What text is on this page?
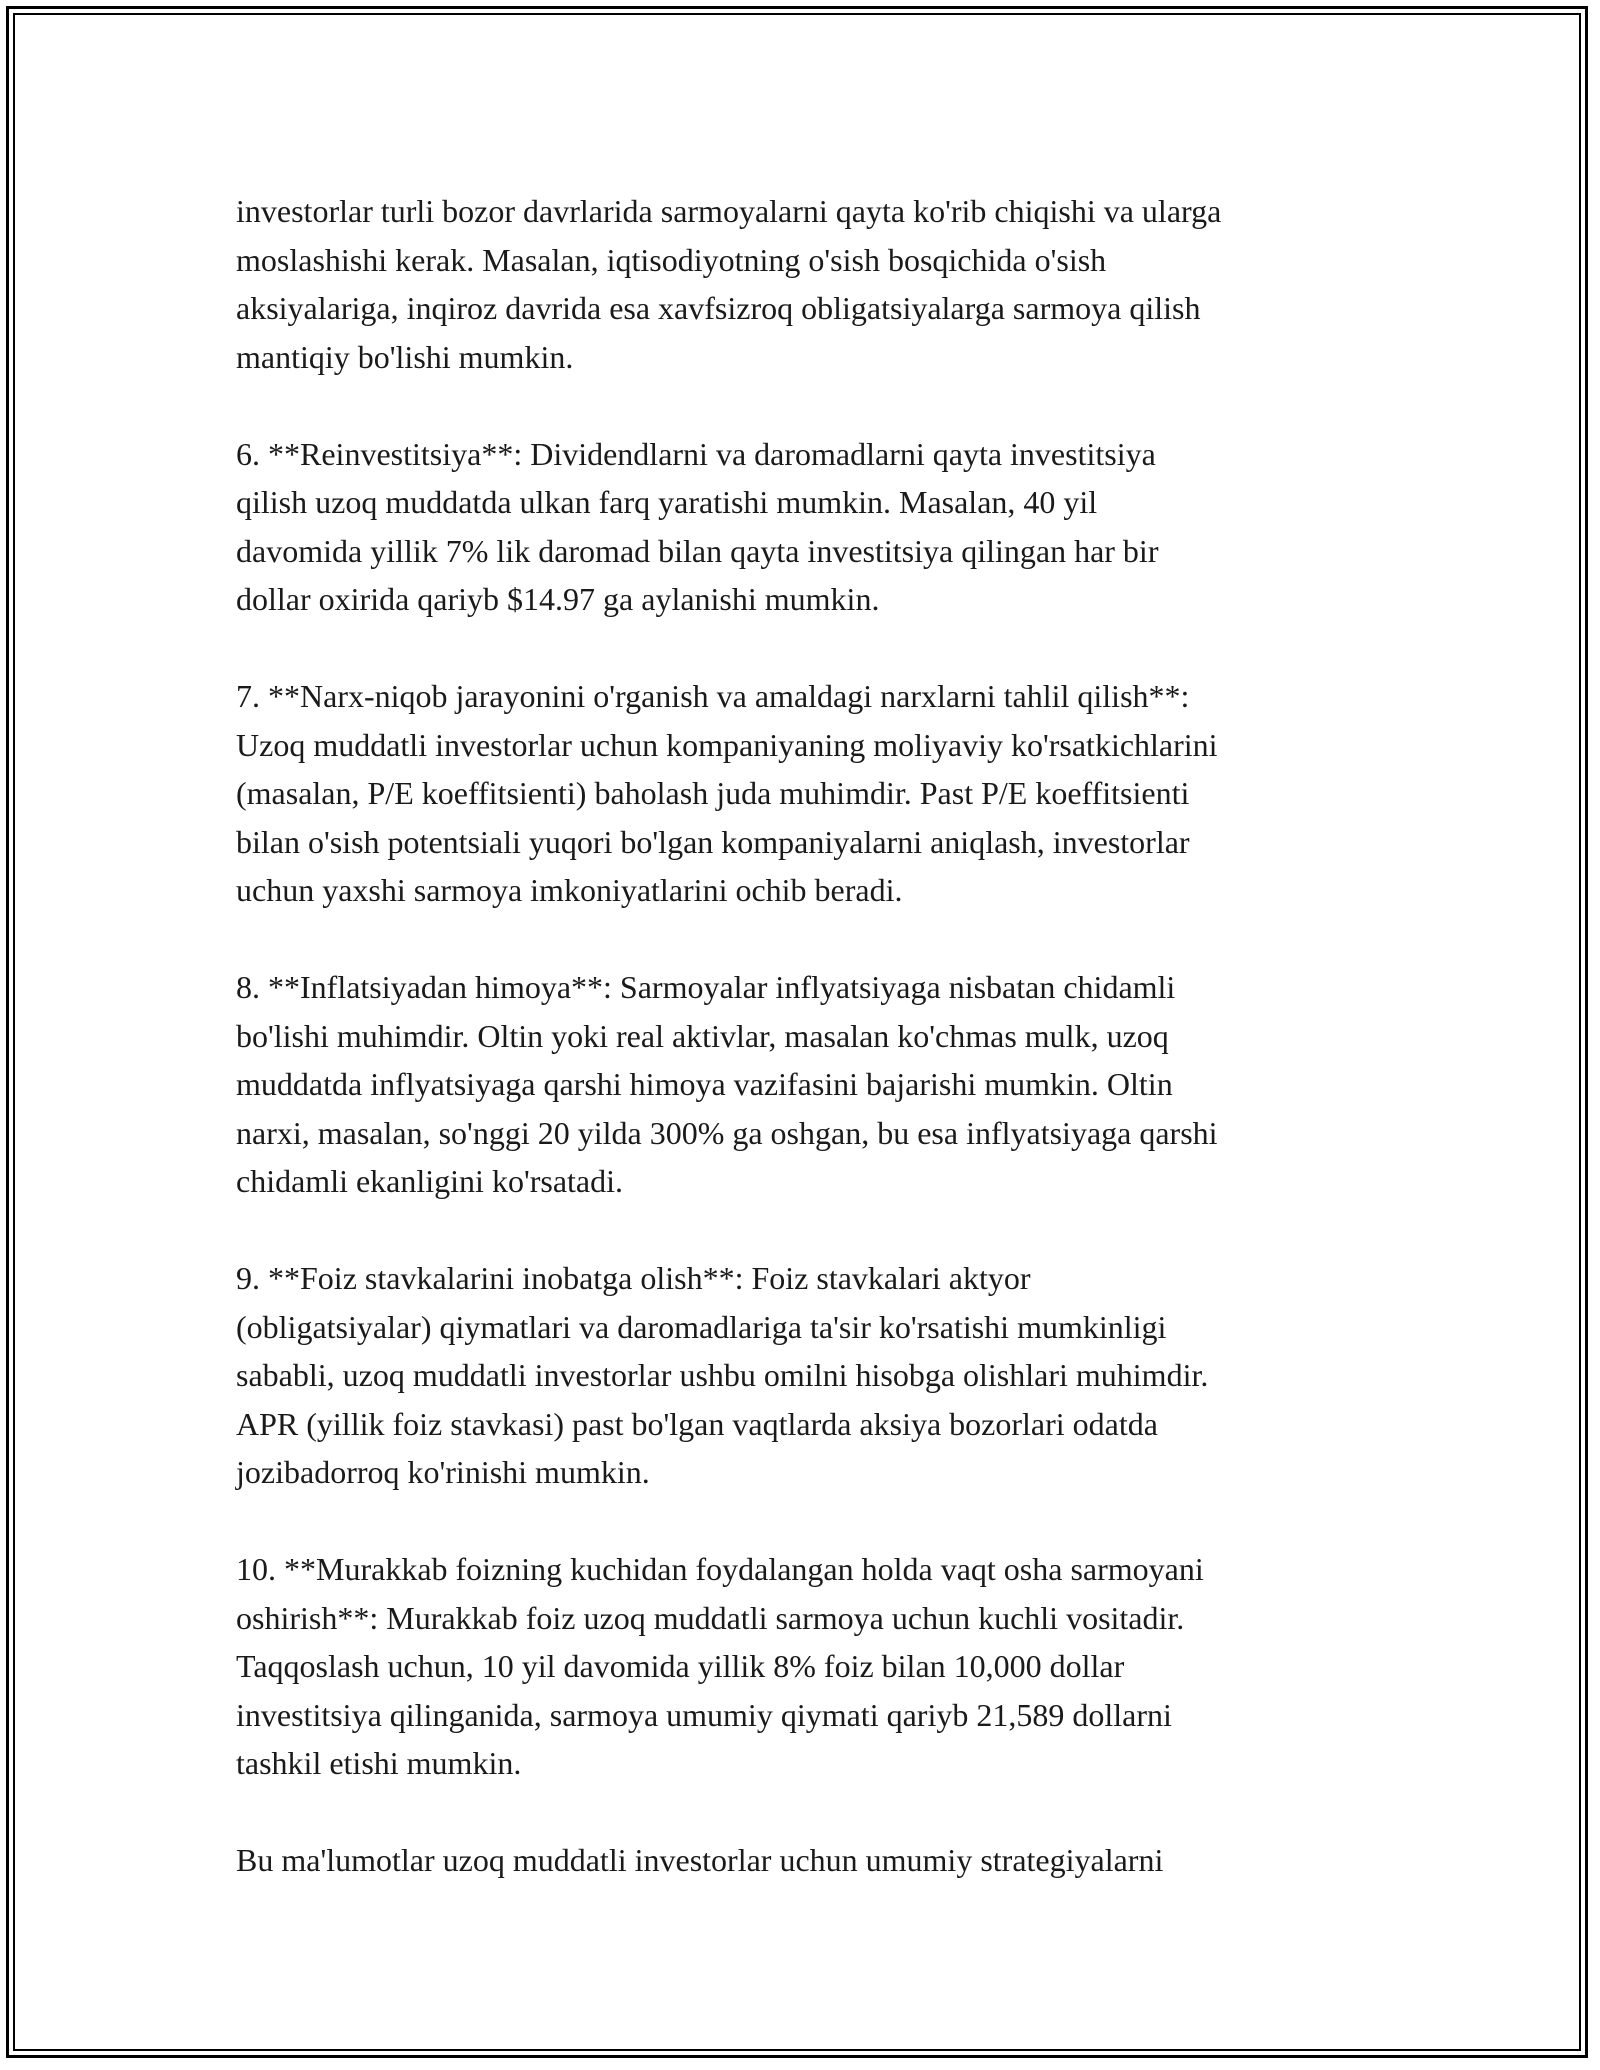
investorlar turli bozor davrlarida sarmoyalarni qayta ko'rib chiqishi va ularga
moslashishi kerak. Masalan, iqtisodiyotning o'sish bosqichida o'sish
aksiyalariga, inqiroz davrida esa xavfsizroq obligatsiyalarga sarmoya qilish
mantiqiy bo'lishi mumkin.

6. **Reinvestitsiya**: Dividendlarni va daromadlarni qayta investitsiya
qilish uzoq muddatda ulkan farq yaratishi mumkin. Masalan, 40 yil
davomida yillik 7% lik daromad bilan qayta investitsiya qilingan har bir
dollar oxirida qariyb $14.97 ga aylanishi mumkin.

7. **Narx-niqob jarayonini o'rganish va amaldagi narxlarni tahlil qilish**:
Uzoq muddatli investorlar uchun kompaniyaning moliyaviy ko'rsatkichlarini
(masalan, P/E koeffitsienti) baholash juda muhimdir. Past P/E koeffitsienti
bilan o'sish potentsiali yuqori bo'lgan kompaniyalarni aniqlash, investorlar
uchun yaxshi sarmoya imkoniyatlarini ochib beradi.

8. **Inflatsiyadan himoya**: Sarmoyalar inflyatsiyaga nisbatan chidamli
bo'lishi muhimdir. Oltin yoki real aktivlar, masalan ko'chmas mulk, uzoq
muddatda inflyatsiyaga qarshi himoya vazifasini bajarishi mumkin. Oltin
narxi, masalan, so'nggi 20 yilda 300% ga oshgan, bu esa inflyatsiyaga qarshi
chidamli ekanligini ko'rsatadi.

9. **Foiz stavkalarini inobatga olish**: Foiz stavkalari aktyor
(obligatsiyalar) qiymatlari va daromadlariga ta'sir ko'rsatishi mumkinligi
sababli, uzoq muddatli investorlar ushbu omilni hisobga olishlari muhimdir.
APR (yillik foiz stavkasi) past bo'lgan vaqtlarda aksiya bozorlari odatda
jozibadorroq ko'rinishi mumkin.

10. **Murakkab foizning kuchidan foydalangan holda vaqt osha sarmoyani
oshirish**: Murakkab foiz uzoq muddatli sarmoya uchun kuchli vositadir.
Taqqoslash uchun, 10 yil davomida yillik 8% foiz bilan 10,000 dollar
investitsiya qilinganida, sarmoya umumiy qiymati qariyb 21,589 dollarni
tashkil etishi mumkin.

Bu ma'lumotlar uzoq muddatli investorlar uchun umumiy strategiyalarni
